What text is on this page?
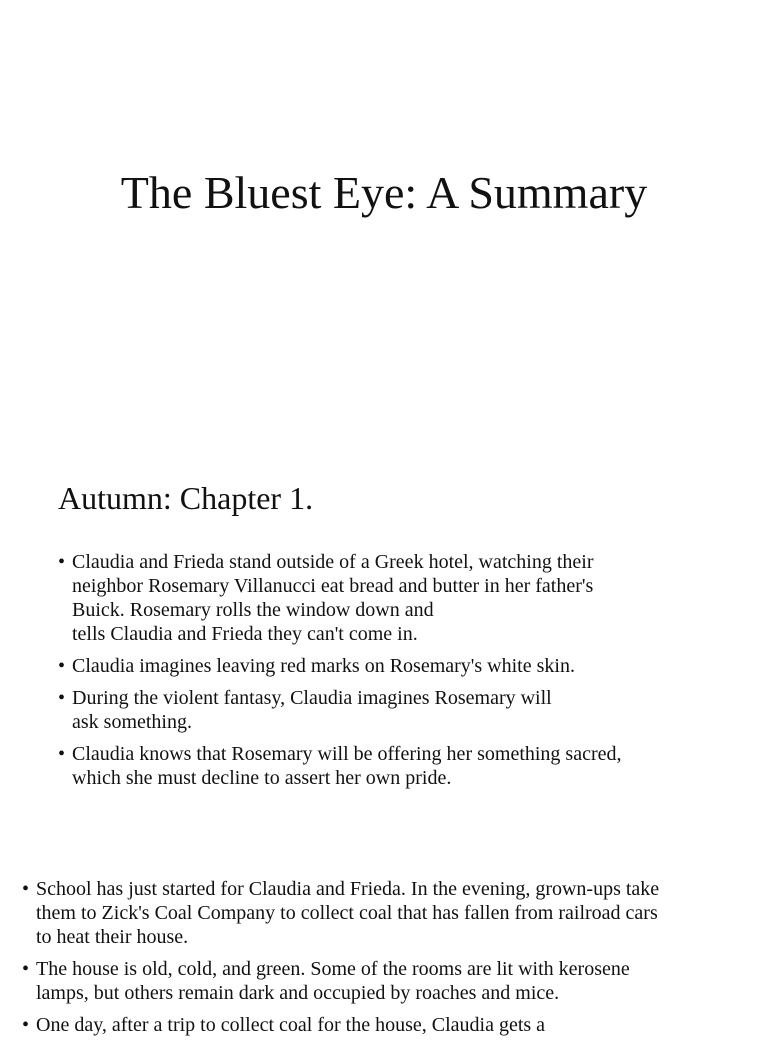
The Bluest Eye: A Summary
Autumn: Chapter 1.
• Claudia and Frieda stand outside of a Greek hotel, watching their
neighbor Rosemary Villanucci eat bread and butter in her father's
Buick. Rosemary rolls the window down and
tells Claudia and Frieda they can't come in.
• Claudia imagines leaving red marks on Rosemary's white skin.
• During the violent fantasy, Claudia imagines Rosemary will
ask something.
• Claudia knows that Rosemary will be offering her something sacred,
which she must decline to assert her own pride.
• School has just started for Claudia and Frieda. In the evening, grown-ups take
them to Zick's Coal Company to collect coal that has fallen from railroad cars
to heat their house.
• The house is old, cold, and green. Some of the rooms are lit with kerosene
lamps, but others remain dark and occupied by roaches and mice.
• One day, after a trip to collect coal for the house, Claudia gets a
